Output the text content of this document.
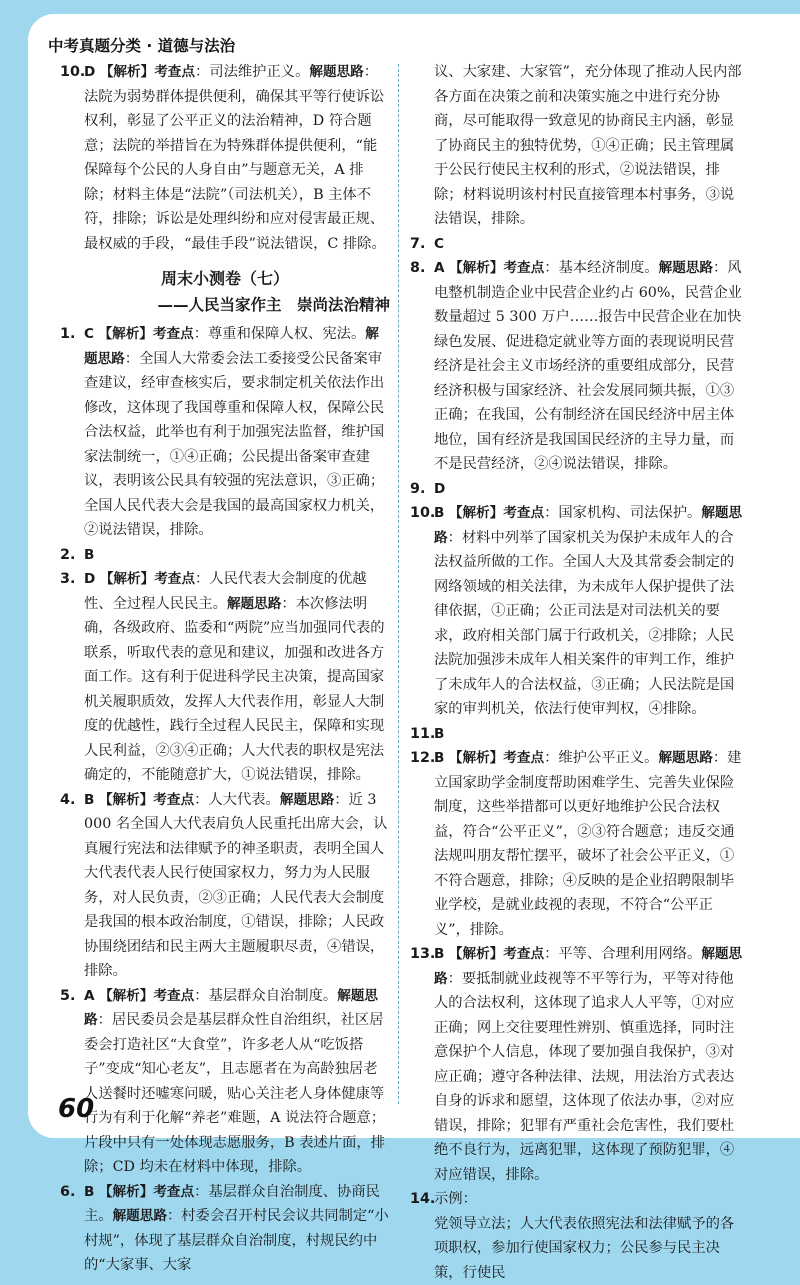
中考真题分类 · 道德与法治
10.D 【解析】考查点：司法维护正义。解题思路：法院为弱势群体提供便利，确保其平等行使诉讼权利，彰显了公平正义的法治精神，D 符合题意；法院的举措旨在为特殊群体提供便利，“能保障每个公民的人身自由”与题意无关，A 排除；材料主体是“法院”（司法机关），B 主体不符，排除；诉讼是处理纠纷和应对侵害最正规、最权威的手段，“最佳手段”说法错误，C 排除。
周末小测卷（七）
——人民当家作主　崇尚法治精神
1. C 【解析】考查点：尊重和保障人权、宪法。解题思路：全国人大常委会法工委接受公民备案审查建议，经审查核实后，要求制定机关依法作出修改，这体现了我国尊重和保障人权，保障公民合法权益，此举也有利于加强宪法监督，维护国家法制统一，①④正确；公民提出备案审查建议，表明该公民具有较强的宪法意识，③正确；全国人民代表大会是我国的最高国家权力机关，②说法错误，排除。
2. B
3. D 【解析】考查点：人民代表大会制度的优越性、全过程人民民主。解题思路：本次修法明确，各级政府、监委和“两院”应当加强同代表的联系，听取代表的意见和建议，加强和改进各方面工作。这有利于促进科学民主决策，提高国家机关履职质效，发挥人大代表作用，彰显人大制度的优越性，践行全过程人民民主，保障和实现人民利益，②③④正确；人大代表的职权是宪法确定的，不能随意扩大，①说法错误，排除。
4. B 【解析】考查点：人大代表。解题思路：近 3 000 名全国人大代表肩负人民重托出席大会，认真履行宪法和法律赋予的神圣职责，表明全国人大代表代表人民行使国家权力，努力为人民服务，对人民负责，②③正确；人民代表大会制度是我国的根本政治制度，①错误，排除；人民政协围绕团结和民主两大主题履职尽责，④错误，排除。
5. A 【解析】考查点：基层群众自治制度。解题思路：居民委员会是基层群众性自治组织，社区居委会打造社区“大食堂”，许多老人从“吃饭搭子”变成“知心老友”，且志愿者在为高龄独居老人送餐时还嘘寒问暖，贴心关注老人身体健康等行为有利于化解“养老”难题，A 说法符合题意；片段中只有一处体现志愿服务，B 表述片面，排除；CD 均未在材料中体现，排除。
6. B 【解析】考查点：基层群众自治制度、协商民主。解题思路：村委会召开村民会议共同制定“小村规”，体现了基层群众自治制度，村规民约中的“大家事、大家
议、大家建、大家管”，充分体现了推动人民内部各方面在决策之前和决策实施之中进行充分协商，尽可能取得一致意见的协商民主内涵，彰显了协商民主的独特优势，①④正确；民主管理属于公民行使民主权利的形式，②说法错误，排除；材料说明该村村民直接管理本村事务，③说法错误，排除。
7. C
8. A 【解析】考查点：基本经济制度。解题思路：风电整机制造企业中民营企业约占 60%，民营企业数量超过 5 300 万户……报告中民营企业在加快绿色发展、促进稳定就业等方面的表现说明民营经济是社会主义市场经济的重要组成部分，民营经济积极与国家经济、社会发展同频共振，①③正确；在我国，公有制经济在国民经济中居主体地位，国有经济是我国国民经济的主导力量，而不是民营经济，②④说法错误，排除。
9. D
10.B 【解析】考查点：国家机构、司法保护。解题思路：材料中列举了国家机关为保护未成年人的合法权益所做的工作。全国人大及其常委会制定的网络领域的相关法律，为未成年人保护提供了法律依据，①正确；公正司法是对司法机关的要求，政府相关部门属于行政机关，②排除；人民法院加强涉未成年人相关案件的审判工作，维护了未成年人的合法权益，③正确；人民法院是国家的审判机关，依法行使审判权，④排除。
11.B
12.B 【解析】考查点：维护公平正义。解题思路：建立国家助学金制度帮助困难学生、完善失业保险制度，这些举措都可以更好地维护公民合法权益，符合“公平正义”，②③符合题意；违反交通法规叫朋友帮忙摆平，破坏了社会公平正义，①不符合题意，排除；④反映的是企业招聘限制毕业学校，是就业歧视的表现，不符合“公平正义”，排除。
13.B 【解析】考查点：平等、合理利用网络。解题思路：要抵制就业歧视等不平等行为，平等对待他人的合法权利，这体现了追求人人平等，①对应正确；网上交往要理性辨别、慎重选择，同时注意保护个人信息，体现了要加强自我保护，③对应正确；遵守各种法律、法规，用法治方式表达自身的诉求和愿望，这体现了依法办事，②对应错误，排除；犯罪有严重社会危害性，我们要杜绝不良行为，远离犯罪，这体现了预防犯罪，④对应错误，排除。
14.示例：
党领导立法；人大代表依照宪法和法律赋予的各项职权，参加行使国家权力；公民参与民主决策，行使民
60
